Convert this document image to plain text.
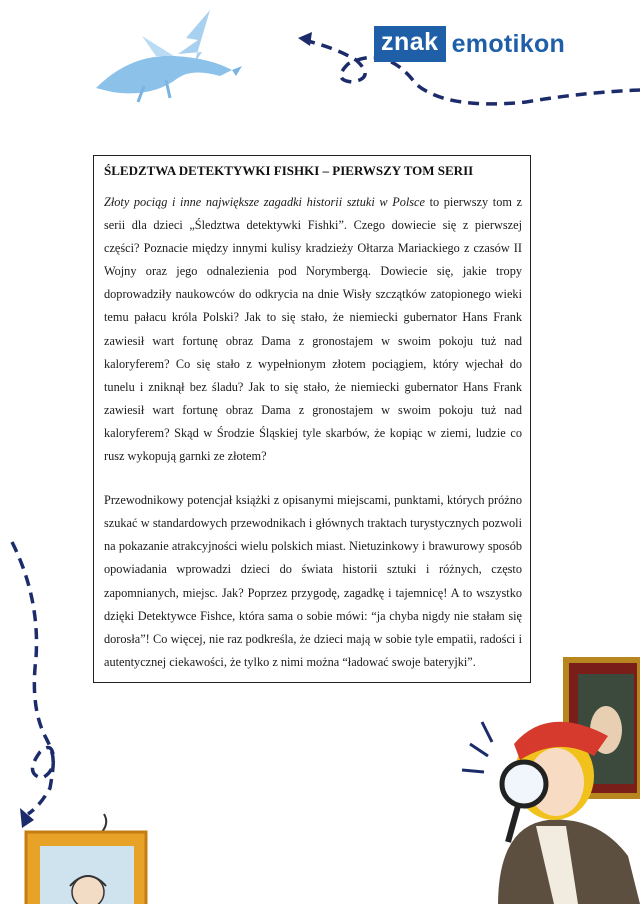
znak emotikon

ŚLEDZTWA DETEKTYWKI FISHKI – PIERWSZY TOM SERII

Złoty pociąg i inne największe zagadki historii sztuki w Polsce to pierwszy tom z serii dla dzieci „Śledztwa detektywki Fishki”. Czego dowiecie się z pierwszej części? Poznacie między innymi kulisy kradzieży Ołtarza Mariackiego z czasów II Wojny oraz jego odnalezienia pod Norymbergą. Dowiecie się, jakie tropy doprowadziły naukowców do odkrycia na dnie Wisły szczątków zatopionego wieki temu pałacu króla Polski? Jak to się stało, że niemiecki gubernator Hans Frank zawiesił wart fortunę obraz Dama z gronostajem w swoim pokoju tuż nad kaloryferem? Co się stało z wypełnionym złotem pociągiem, który wjechał do tunelu i zniknął bez śladu? Jak to się stało, że niemiecki gubernator Hans Frank zawiesił wart fortunę obraz Dama z gronostajem w swoim pokoju tuż nad kaloryferem? Skąd w Środzie Śląskiej tyle skarbów, że kopiąc w ziemi, ludzie co rusz wykopują garnki ze złotem?

Przewodnikowy potencjał książki z opisanymi miejscami, punktami, których próżno szukać w standardowych przewodnikach i głównych traktach turystycznych pozwoli na pokazanie atrakcyjności wielu polskich miast. Nietuzinkowy i brawurowy sposób opowiadania wprowadzi dzieci do świata historii sztuki i różnych, często zapomnianych, miejsc. Jak? Poprzez przygodę, zagadkę i tajemnicę! A to wszystko dzięki Detektywce Fishce, która sama o sobie mówi: “ja chyba nigdy nie stałam się dorosła”! Co więcej, nie raz podkreśla, że dzieci mają w sobie tyle empatii, radości i autentycznej ciekawości, że tylko z nimi można “ładować swoje bateryjki”.
